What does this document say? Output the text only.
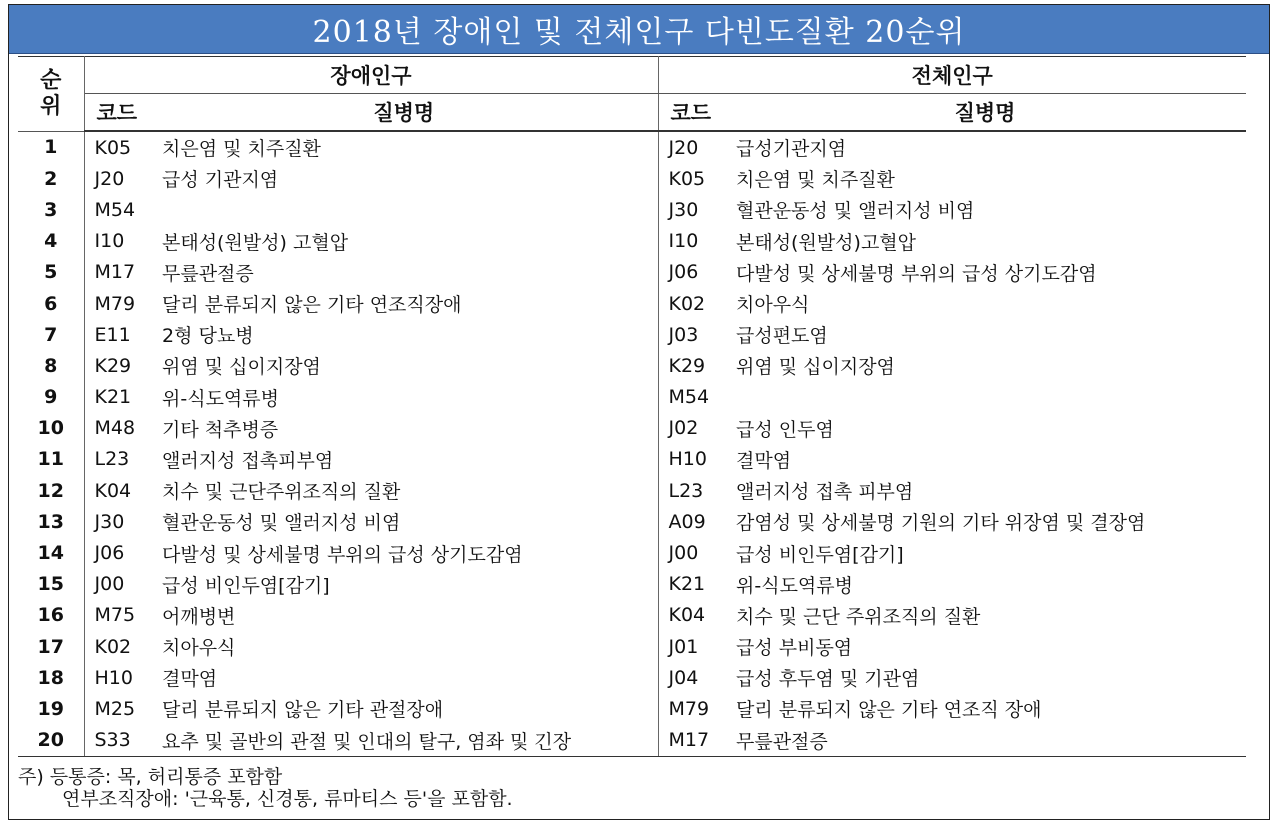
2018년 장애인 및 전체인구 다빈도질환 20순위
순
위	장애인구		전체인구	
	코드	질병명	코드	질병명
1	K05	치은염 및 치주질환	J20	급성기관지염
2	J20	급성 기관지염	K05	치은염 및 치주질환
3	M54		J30	혈관운동성 및 앨러지성 비염
4	I10	본태성(원발성) 고혈압	I10	본태성(원발성)고혈압
5	M17	무릎관절증	J06	다발성 및 상세불명 부위의 급성 상기도감염
6	M79	달리 분류되지 않은 기타 연조직장애	K02	치아우식
7	E11	2형 당뇨병	J03	급성편도염
8	K29	위염 및 십이지장염	K29	위염 및 십이지장염
9	K21	위-식도역류병	M54	
10	M48	기타 척추병증	J02	급성 인두염
11	L23	앨러지성 접촉피부염	H10	결막염
12	K04	치수 및 근단주위조직의 질환	L23	앨러지성 접촉 피부염
13	J30	혈관운동성 및 앨러지성 비염	A09	감염성 및 상세불명 기원의 기타 위장염 및 결장염
14	J06	다발성 및 상세불명 부위의 급성 상기도감염	J00	급성 비인두염[감기]
15	J00	급성 비인두염[감기]	K21	위-식도역류병
16	M75	어깨병변	K04	치수 및 근단 주위조직의 질환
17	K02	치아우식	J01	급성 부비동염
18	H10	결막염	J04	급성 후두염 및 기관염
19	M25	달리 분류되지 않은 기타 관절장애	M79	달리 분류되지 않은 기타 연조직 장애
20	S33	요추 및 골반의 관절 및 인대의 탈구, 염좌 및 긴장	M17	무릎관절증
주) 등통증: 목, 허리통증 포함함
연부조직장애: '근육통, 신경통, 류마티스 등'을 포함함.
